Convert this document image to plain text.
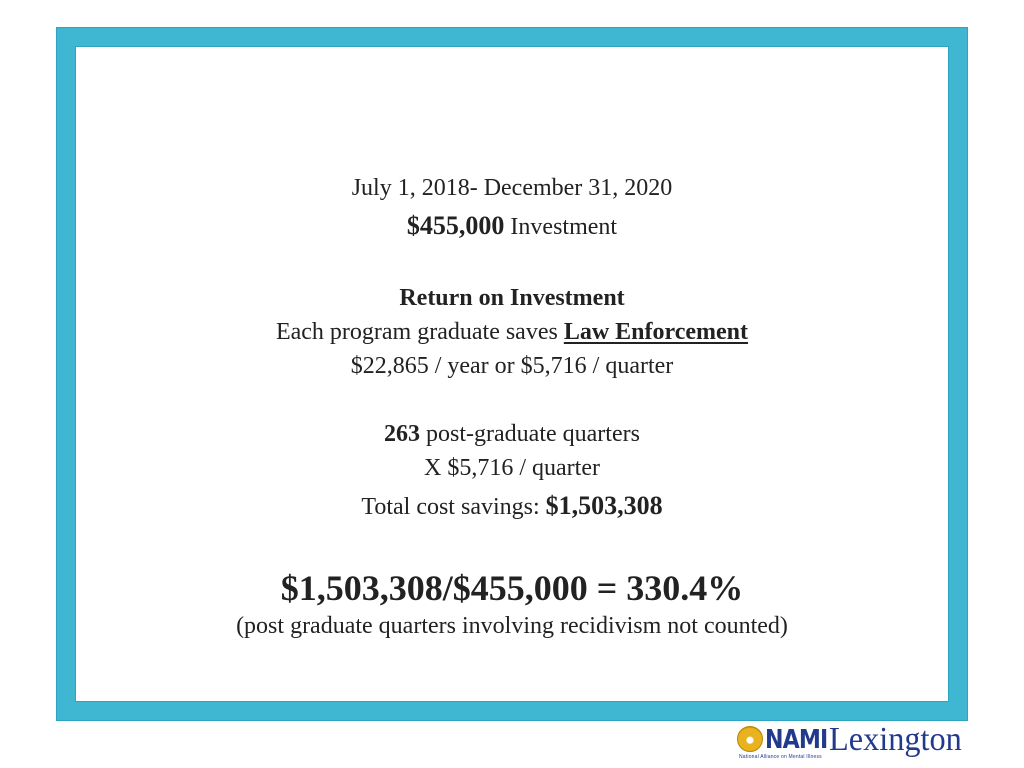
July 1, 2018- December 31, 2020
$455,000 Investment
Return on Investment
Each program graduate saves Law Enforcement
$22,865 / year or $5,716 / quarter
263 post-graduate quarters
X $5,716 / quarter
Total cost savings: $1,503,308
$1,503,308/$455,000 = 330.4%
(post graduate quarters involving recidivism not counted)
NAMI Lexington
National Alliance on Mental Illness
